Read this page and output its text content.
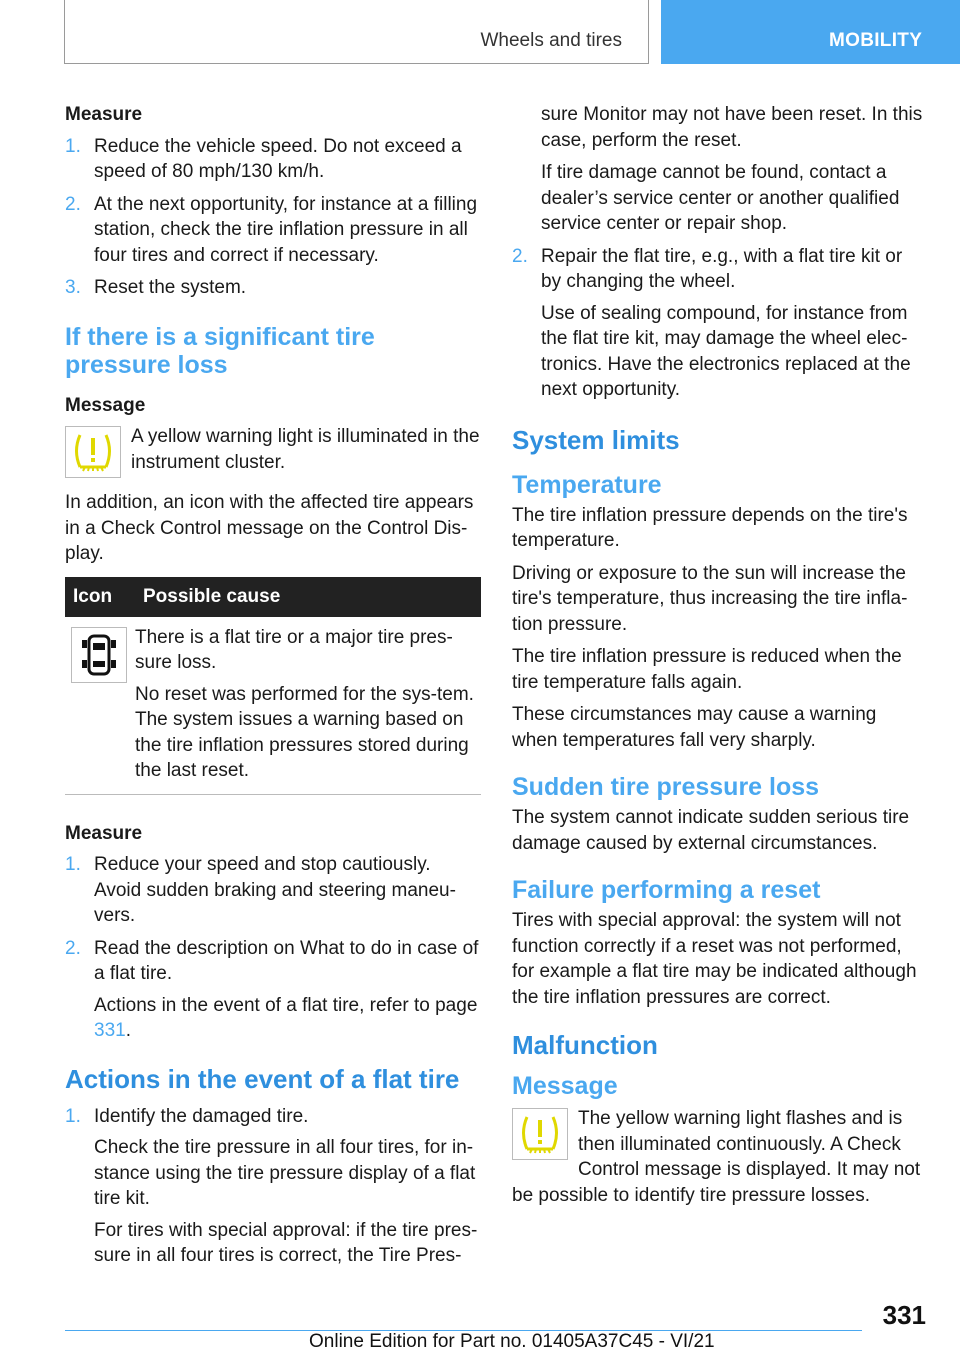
Wheels and tires	MOBILITY

Measure

1. Reduce the vehicle speed. Do not exceed a speed of 80 mph/130 km/h.
2. At the next opportunity, for instance at a filling station, check the tire inflation pressure in all four tires and correct if necessary.
3. Reset the system.
If there is a significant tire pressure loss

Message

A yellow warning light is illuminated in the instrument cluster.

In addition, an icon with the affected tire appears in a Check Control message on the Control Dis-play.

Icon	Possible cause

There is a flat tire or a major tire pres-sure loss.

No reset was performed for the sys-tem. The system issues a warning based on the tire inflation pressures stored during the last reset.

Measure

1. Reduce your speed and stop cautiously. Avoid sudden braking and steering maneu-vers.
2. Read the description on What to do in case of a flat tire.

Actions in the event of a flat tire, refer to page 331.

Actions in the event of a flat tire
1. Identify the damaged tire.

Check the tire pressure in all four tires, for in-stance using the tire pressure display of a flat tire kit.

For tires with special approval: if the tire pres-sure in all four tires is correct, the Tire Pres-

sure Monitor may not have been reset. In this case, perform the reset.

If tire damage cannot be found, contact a dealer’s service center or another qualified service center or repair shop.

2. Repair the flat tire, e.g., with a flat tire kit or by changing the wheel.

Use of sealing compound, for instance from the flat tire kit, may damage the wheel elec-tronics. Have the electronics replaced at the next opportunity.

System limits
Temperature

The tire inflation pressure depends on the tire's temperature.

Driving or exposure to the sun will increase the tire's temperature, thus increasing the tire infla-tion pressure.

The tire inflation pressure is reduced when the tire temperature falls again.

These circumstances may cause a warning when temperatures fall very sharply.

Sudden tire pressure loss

The system cannot indicate sudden serious tire damage caused by external circumstances.

Failure performing a reset

Tires with special approval: the system will not function correctly if a reset was not performed, for example a flat tire may be indicated although the tire inflation pressures are correct.

Malfunction
Message

The yellow warning light flashes and is then illuminated continuously. A Check Control message is displayed. It may not be possible to identify tire pressure losses.

331
Online Edition for Part no. 01405A37C45 - VI/21
